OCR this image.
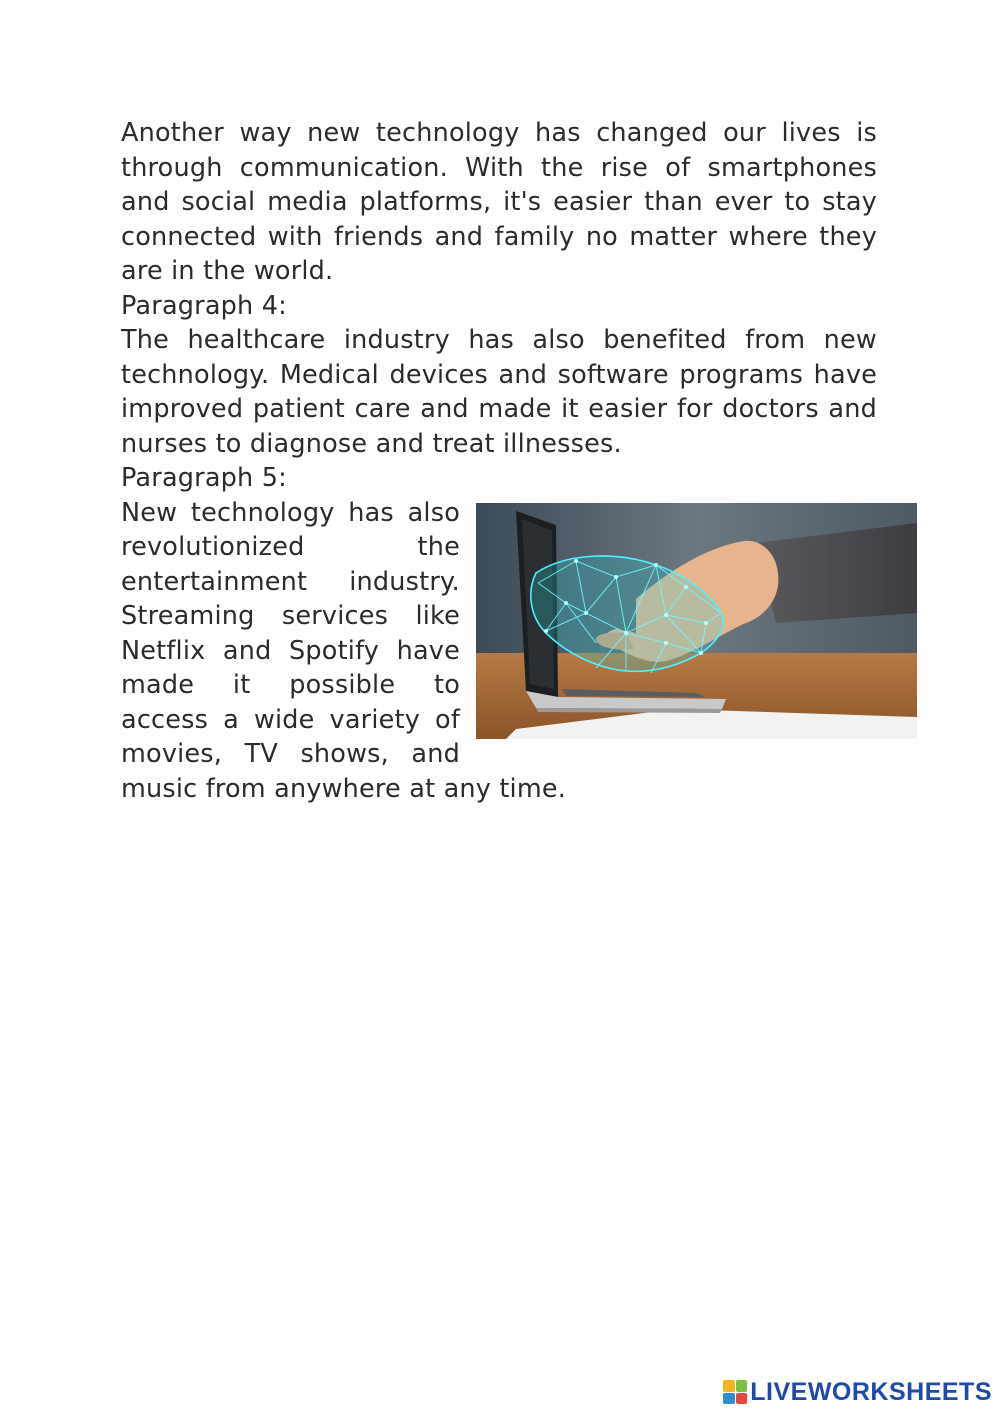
Another way new technology has changed our lives is through communication. With the rise of smartphones and social media platforms, it's easier than ever to stay connected with friends and family no matter where they are in the world.

Paragraph 4:

The healthcare industry has also benefited from new technology. Medical devices and software programs have improved patient care and made it easier for doctors and nurses to diagnose and treat illnesses.

Paragraph 5:

New technology has also revolutionized the entertainment industry. Streaming services like Netflix and Spotify have made it possible to access a wide variety of movies, TV shows, and music from anywhere at any time.

LIVEWORKSHEETS
